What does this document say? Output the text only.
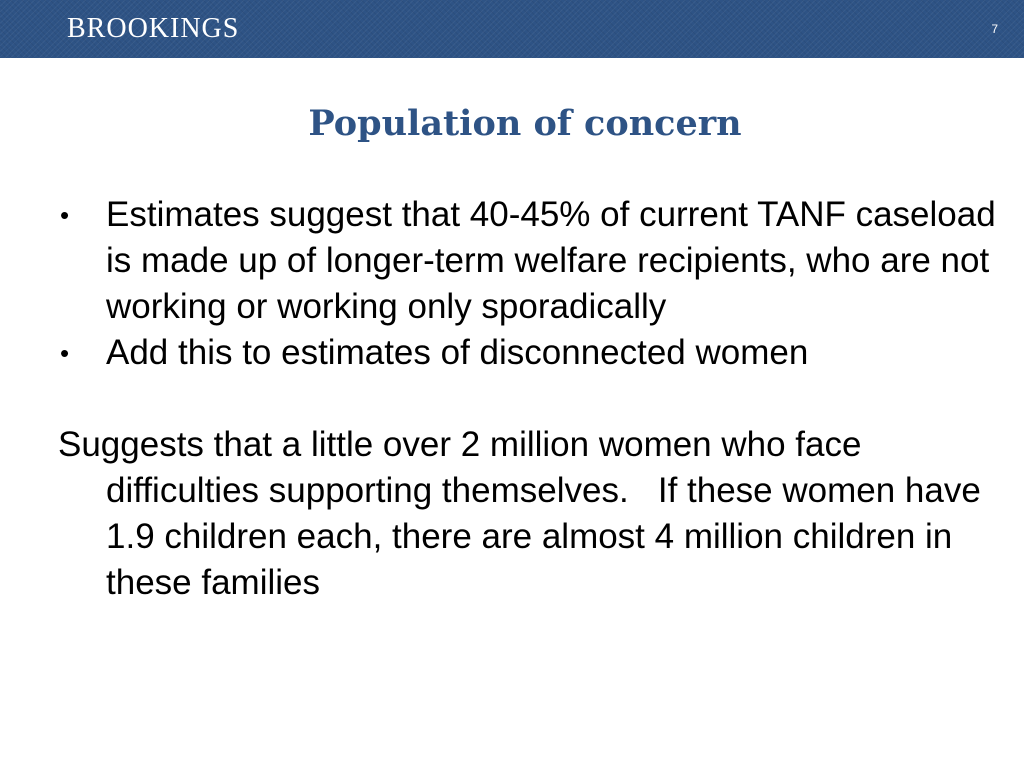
BROOKINGS	7
Population of concern
• Estimates suggest that 40-45% of current TANF caseload is made up of longer-term welfare recipients, who are not working or working only sporadically
• Add this to estimates of disconnected women

Suggests that a little over 2 million women who face difficulties supporting themselves.   If these women have 1.9 children each, there are almost 4 million children in these families
